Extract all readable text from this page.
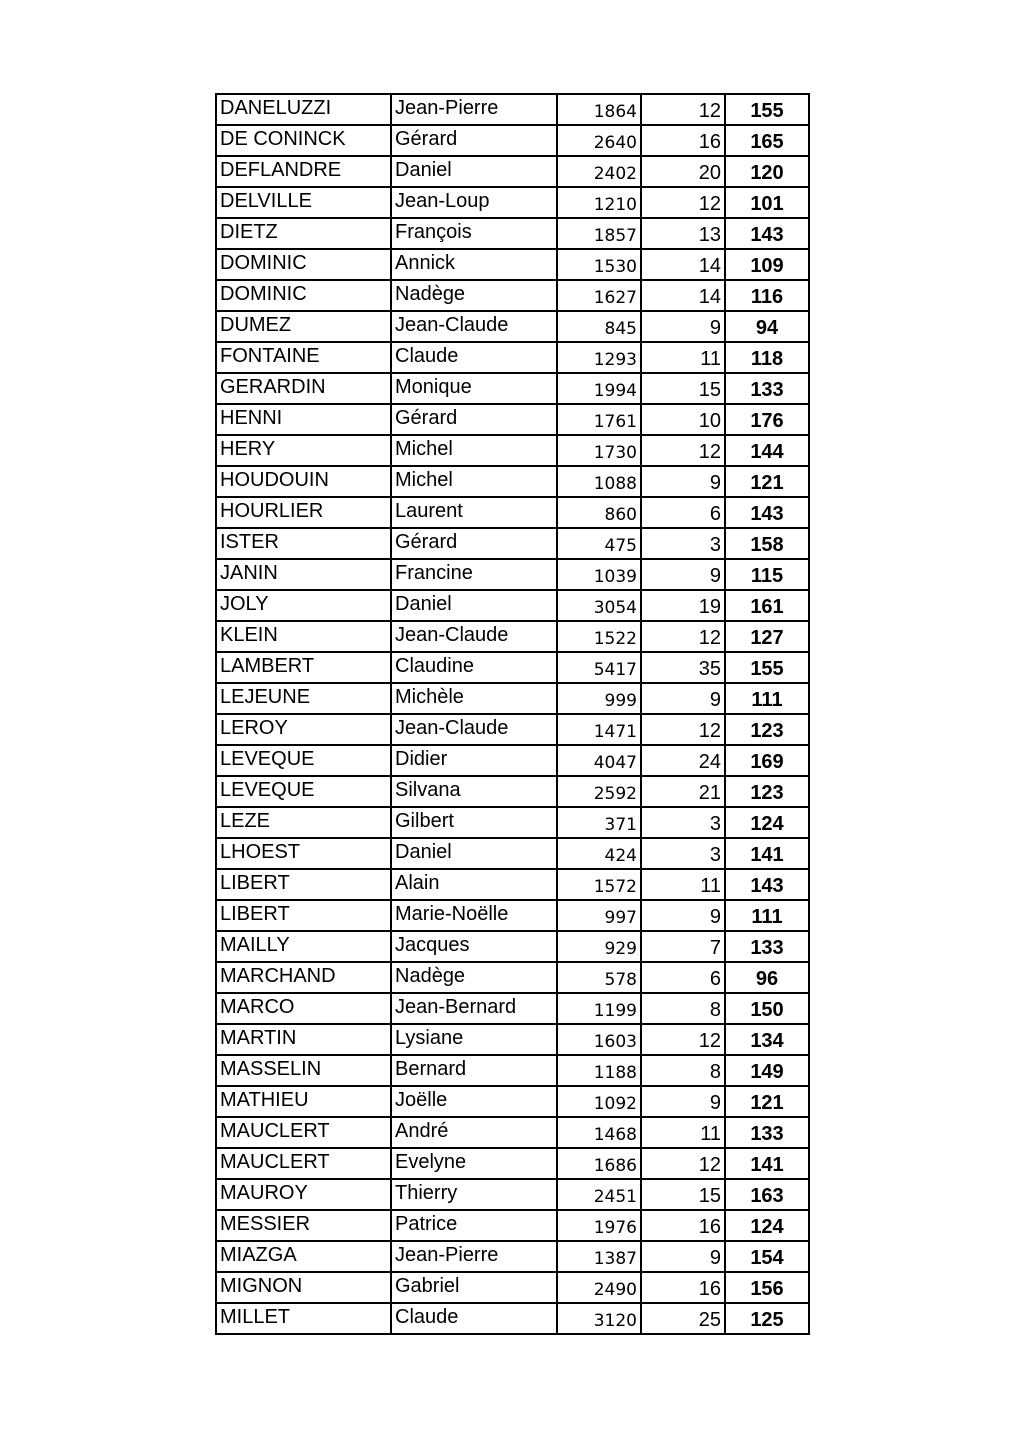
DANELUZZI	Jean-Pierre	1864	12	155
DE CONINCK	Gérard	2640	16	165
DEFLANDRE	Daniel	2402	20	120
DELVILLE	Jean-Loup	1210	12	101
DIETZ	François	1857	13	143
DOMINIC	Annick	1530	14	109
DOMINIC	Nadège	1627	14	116
DUMEZ	Jean-Claude	845	9	94
FONTAINE	Claude	1293	11	118
GERARDIN	Monique	1994	15	133
HENNI	Gérard	1761	10	176
HERY	Michel	1730	12	144
HOUDOUIN	Michel	1088	9	121
HOURLIER	Laurent	860	6	143
ISTER	Gérard	475	3	158
JANIN	Francine	1039	9	115
JOLY	Daniel	3054	19	161
KLEIN	Jean-Claude	1522	12	127
LAMBERT	Claudine	5417	35	155
LEJEUNE	Michèle	999	9	111
LEROY	Jean-Claude	1471	12	123
LEVEQUE	Didier	4047	24	169
LEVEQUE	Silvana	2592	21	123
LEZE	Gilbert	371	3	124
LHOEST	Daniel	424	3	141
LIBERT	Alain	1572	11	143
LIBERT	Marie-Noëlle	997	9	111
MAILLY	Jacques	929	7	133
MARCHAND	Nadège	578	6	96
MARCO	Jean-Bernard	1199	8	150
MARTIN	Lysiane	1603	12	134
MASSELIN	Bernard	1188	8	149
MATHIEU	Joëlle	1092	9	121
MAUCLERT	André	1468	11	133
MAUCLERT	Evelyne	1686	12	141
MAUROY	Thierry	2451	15	163
MESSIER	Patrice	1976	16	124
MIAZGA	Jean-Pierre	1387	9	154
MIGNON	Gabriel	2490	16	156
MILLET	Claude	3120	25	125
